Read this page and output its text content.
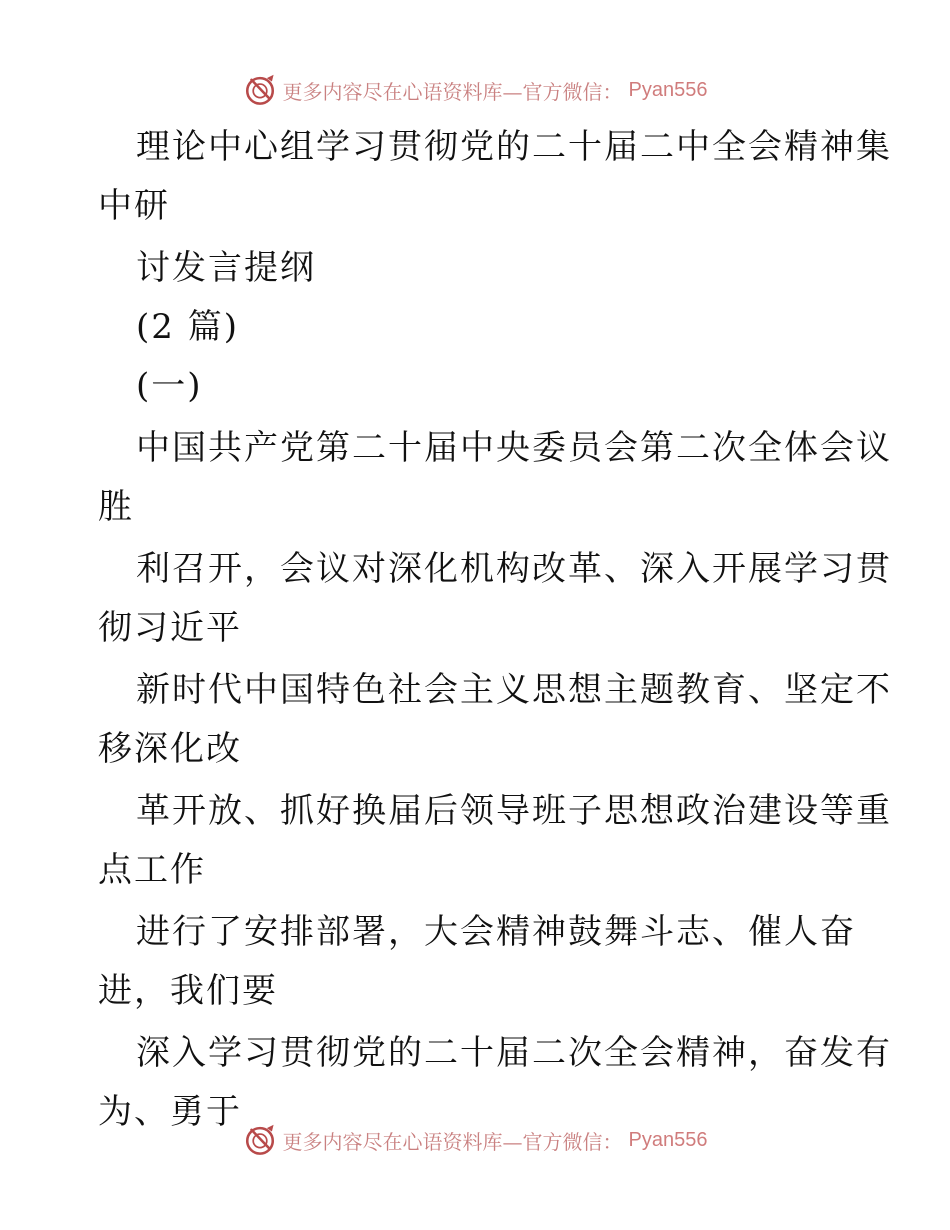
更多内容尽在心语资料库—官方微信： Pyan556

理论中心组学习贯彻党的二十届二中全会精神集

中研

讨发言提纲

(2 篇)

(一)

中国共产党第二十届中央委员会第二次全体会议

胜

利召开，会议对深化机构改革、深入开展学习贯

彻习近平

新时代中国特色社会主义思想主题教育、坚定不

移深化改

革开放、抓好换届后领导班子思想政治建设等重

点工作

进行了安排部署，大会精神鼓舞斗志、催人奋

进，我们要

深入学习贯彻党的二十届二次全会精神，奋发有

为、勇于

更多内容尽在心语资料库—官方微信： Pyan556
